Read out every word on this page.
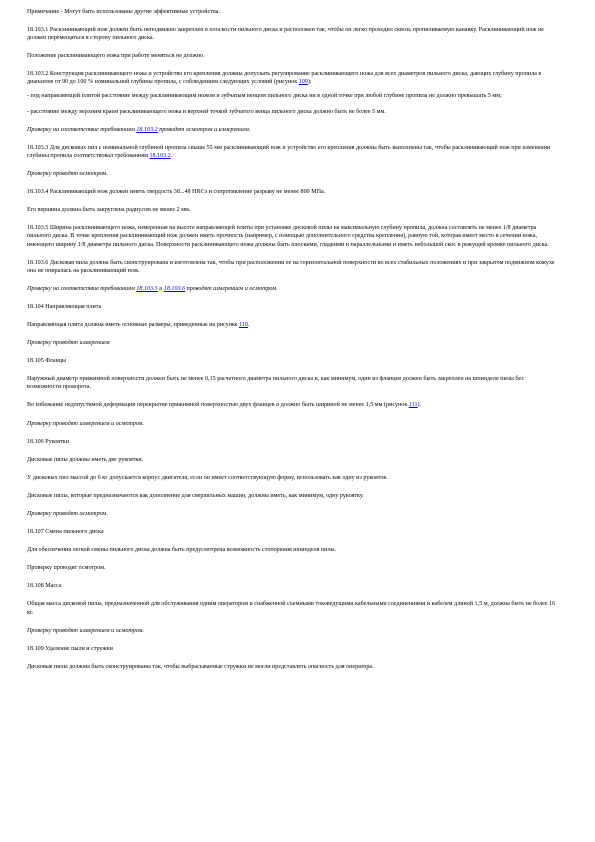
Примечание - Могут быть использованы другие эффективные устройства.
18.103.1 Расклинивающий нож должен быть неподвижно закреплен в плоскости пильного диска и расположен так, чтобы он легко проходил сквозь пропиливаемую канавку. Расклинивающий нож не должен перемещаться в сторону пильного диска.
Положение расклинивающего ножа при работе меняться не должно.
18.103.2 Конструкция расклинивающего ножа и устройство его крепления должны допускать регулирование расклинивающего ножа для всех диаметров пильного диска, дающих глубину пропила в диапазоне от 90 до 100 % номинальной глубины пропила, с соблюдением следующих условий (рисунок 109):
- под направляющей плитой расстояние между расклинивающим ножом и зубчатым венцом пильного диска ни в одной точке при любой глубине пропила не должно превышать 5 мм;
- расстояние между верхним краем расклинивающего ножа и верхней точкой зубчатого венца пильного диска должно быть не более 5 мм.
Проверку на соответствие требованиям 18.103.2 проводят осмотром и измерением.
18.103.3 Для дисковых пил с номинальной глубиной пропила свыше 55 мм расклинивающий нож и устройство его крепления должны быть выполнены так, чтобы расклинивающий нож при изменении глубины пропила соответствовал требованиям 18.103.2.
Проверку проводят осмотром.
18.103.4 Расклинивающий нож должен иметь твердость 38...48 HRCэ и сопротивление разрыву не менее 800 МПа.
Его вершина должна быть закруглена радиусом не менее 2 мм.
18.103.5 Ширина расклинивающего ножа, измеренная на высоте направляющей плиты при установке дисковой пилы на максимальную глубину пропила, должна составлять не менее 1/8 диаметра пильного диска. В точке крепления расклинивающий нож должен иметь прочность (например, с помощью дополнительного средства крепления), равную той, которая имеет место в сечении ножа, имеющего ширину 1/8 диаметра пильного диска. Поверхности расклинивающего ножа должны быть плоскими, гладкими и параллельными и иметь небольшой скос в режущей кромке пильного диска.
18.103.6 Дисковая пила должна быть сконструирована и изготовлена так, чтобы при расположении ее на горизонтальной поверхности во всех стабильных положениях и при закрытом подвижном кожухе она не опиралась на расклинивающий нож.
Проверку на соответствие требованиям 18.103.5 и 18.103.6 проводят измерением и осмотром.
18.104 Направляющая плита
Направляющая плита должна иметь основные размеры, приведенные на рисунке 110.
Проверку проводят измерением
18.105 Фланцы
Наружный диаметр прижимной поверхности должен быть не менее 0,15 расчетного диаметра пильного диска и, как минимум, один из фланцев должен быть закреплен на шпинделе пилы без возможности проворота.
Во избежание недопустимой деформации перекрытие прижимной поверхностью двух фланцев a должно быть шириной не менее 1,5 мм (рисунок 111).
Проверку проводят измерением и осмотром.
18.106 Рукоятки
Дисковые пилы должны иметь две рукоятки.
У дисковых пил массой до 6 кг допускается корпус двигателя, если он имеет соответствующую форму, использовать как одну из рукояток.
Дисковые пилы, которые предназначаются как дополнение для сверлильных машин, должны иметь, как минимум, одну рукоятку.
Проверку проводят осмотром.
18.107 Смена пильного диска
Для обеспечения легкой смены пильного диска должна быть предусмотрена возможность стопорения шпинделя пилы.
Проверку проводят осмотром.
18.108 Масса
Общая масса дисковой пилы, предназначенной для обслуживания одним оператором и снабженной съемными токоведущими кабельными соединениями и кабелем длиной 1,5 м, должна быть не более 16 кг.
Проверку проводят измерением и осмотром.
18.109 Удаление пыли и стружки
Дисковые пилы должны быть сконструированы так, чтобы выбрасываемые стружки не могли представлять опасность для оператора.
